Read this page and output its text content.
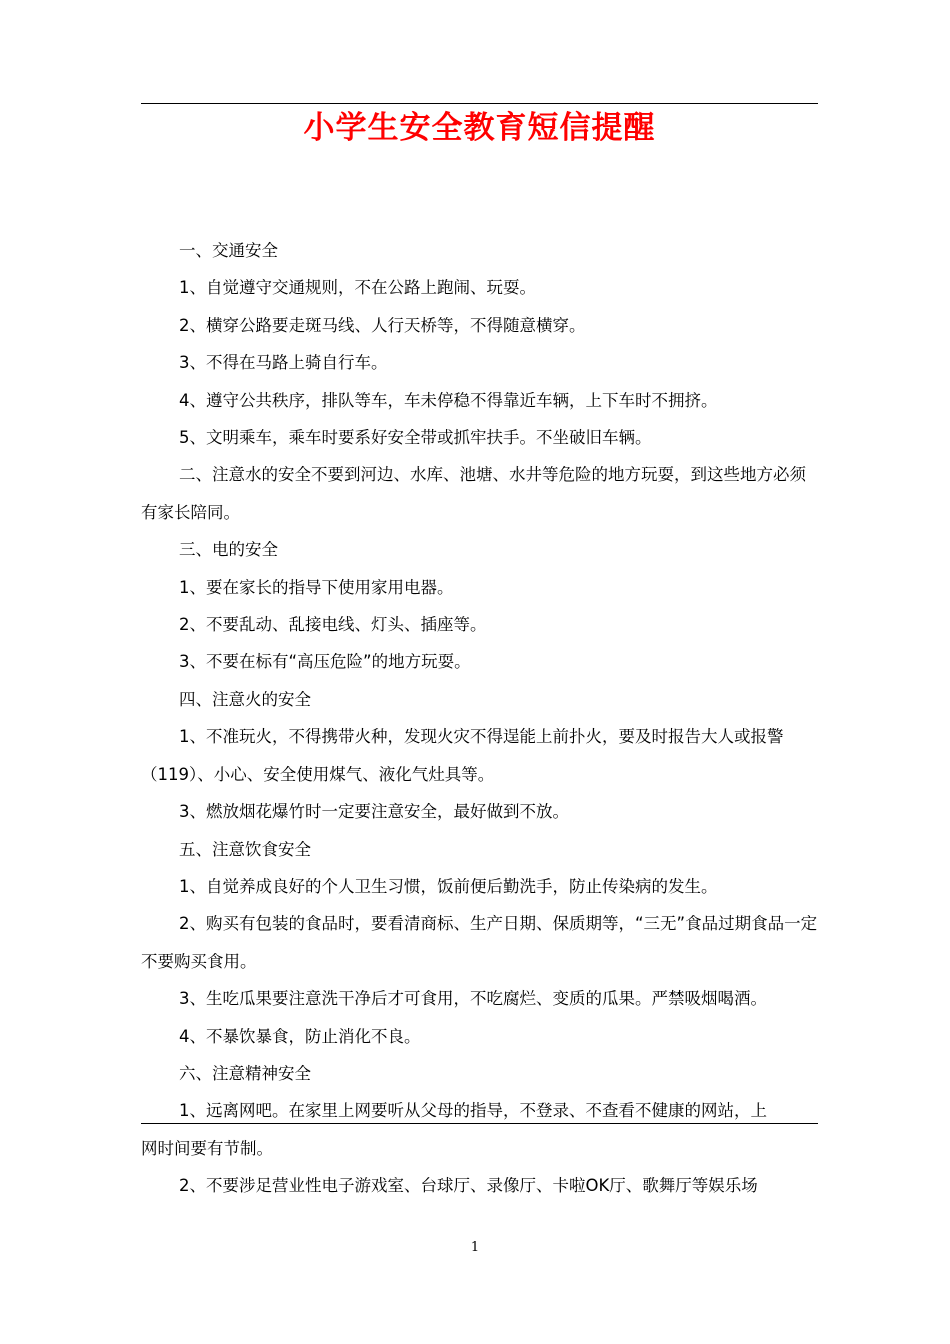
小学生安全教育短信提醒

一、交通安全

1、自觉遵守交通规则，不在公路上跑闹、玩耍。

2、横穿公路要走斑马线、人行天桥等，不得随意横穿。

3、不得在马路上骑自行车。

4、遵守公共秩序，排队等车，车未停稳不得靠近车辆，上下车时不拥挤。

5、文明乘车，乘车时要系好安全带或抓牢扶手。不坐破旧车辆。

二、注意水的安全不要到河边、水库、池塘、水井等危险的地方玩耍，到这些地方必须有家长陪同。

三、电的安全

1、要在家长的指导下使用家用电器。

2、不要乱动、乱接电线、灯头、插座等。

3、不要在标有“高压危险”的地方玩耍。

四、注意火的安全

1、不准玩火，不得携带火种，发现火灾不得逞能上前扑火，要及时报告大人或报警（119）、小心、安全使用煤气、液化气灶具等。

3、燃放烟花爆竹时一定要注意安全，最好做到不放。

五、注意饮食安全

1、自觉养成良好的个人卫生习惯，饭前便后勤洗手，防止传染病的发生。

2、购买有包装的食品时，要看清商标、生产日期、保质期等，“三无”食品过期食品一定不要购买食用。

3、生吃瓜果要注意洗干净后才可食用，不吃腐烂、变质的瓜果。严禁吸烟喝酒。

4、不暴饮暴食，防止消化不良。

六、注意精神安全

1、远离网吧。在家里上网要听从父母的指导，不登录、不查看不健康的网站，上网时间要有节制。

2、不要涉足营业性电子游戏室、台球厅、录像厅、卡啦OK厅、歌舞厅等娱乐场

1
